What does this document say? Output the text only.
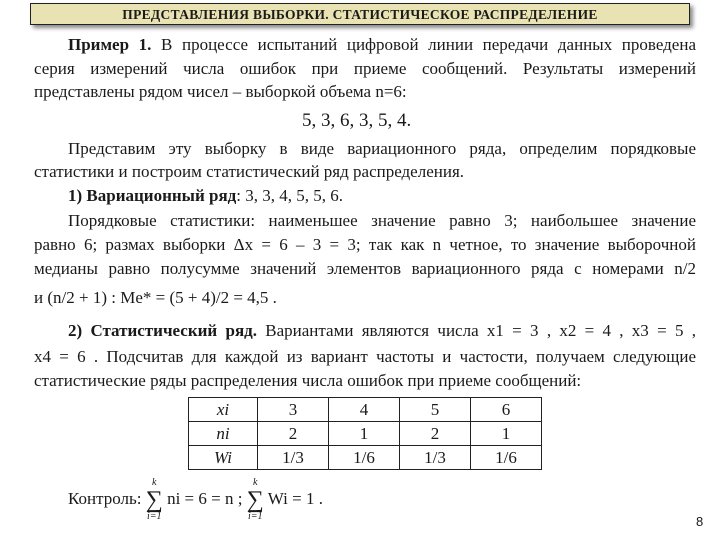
ПРЕДСТАВЛЕНИЯ ВЫБОРКИ. СТАТИСТИЧЕСКОЕ РАСПРЕДЕЛЕНИЕ
Пример 1. В процессе испытаний цифровой линии передачи данных проведена
серия измерений числа ошибок при приеме сообщений. Результаты измерений
представлены рядом чисел – выборкой объема n=6:
5, 3, 6, 3, 5, 4.
Представим эту выборку в виде вариационного ряда, определим порядковые
статистики и построим статистический ряд распределения.
1) Вариационный ряд: 3, 3, 4, 5, 5, 6.
Порядковые статистики: наименьшее значение равно 3; наибольшее значение
равно 6; размах выборки Δx = 6 – 3 = 3; так как n четное, то значение выборочной
медианы равно полусумме значений элементов вариационного ряда с номерами n/2
и (n/2 + 1) : Me* = (5 + 4)/2 = 4,5 .
2) Статистический ряд. Вариантами являются числа x1 = 3 , x2 = 4 , x3 = 5 ,
x4 = 6 . Подсчитав для каждой из вариант частоты и частости, получаем следующие
статистические ряды распределения числа ошибок при приеме сообщений:
xi	3	4	5	6
ni	2	1	2	1
Wi	1/3	1/6	1/3	1/6
Контроль:
k
∑
i=1
ni = 6 = n ;
k
∑
i=1
Wi = 1 .
8
